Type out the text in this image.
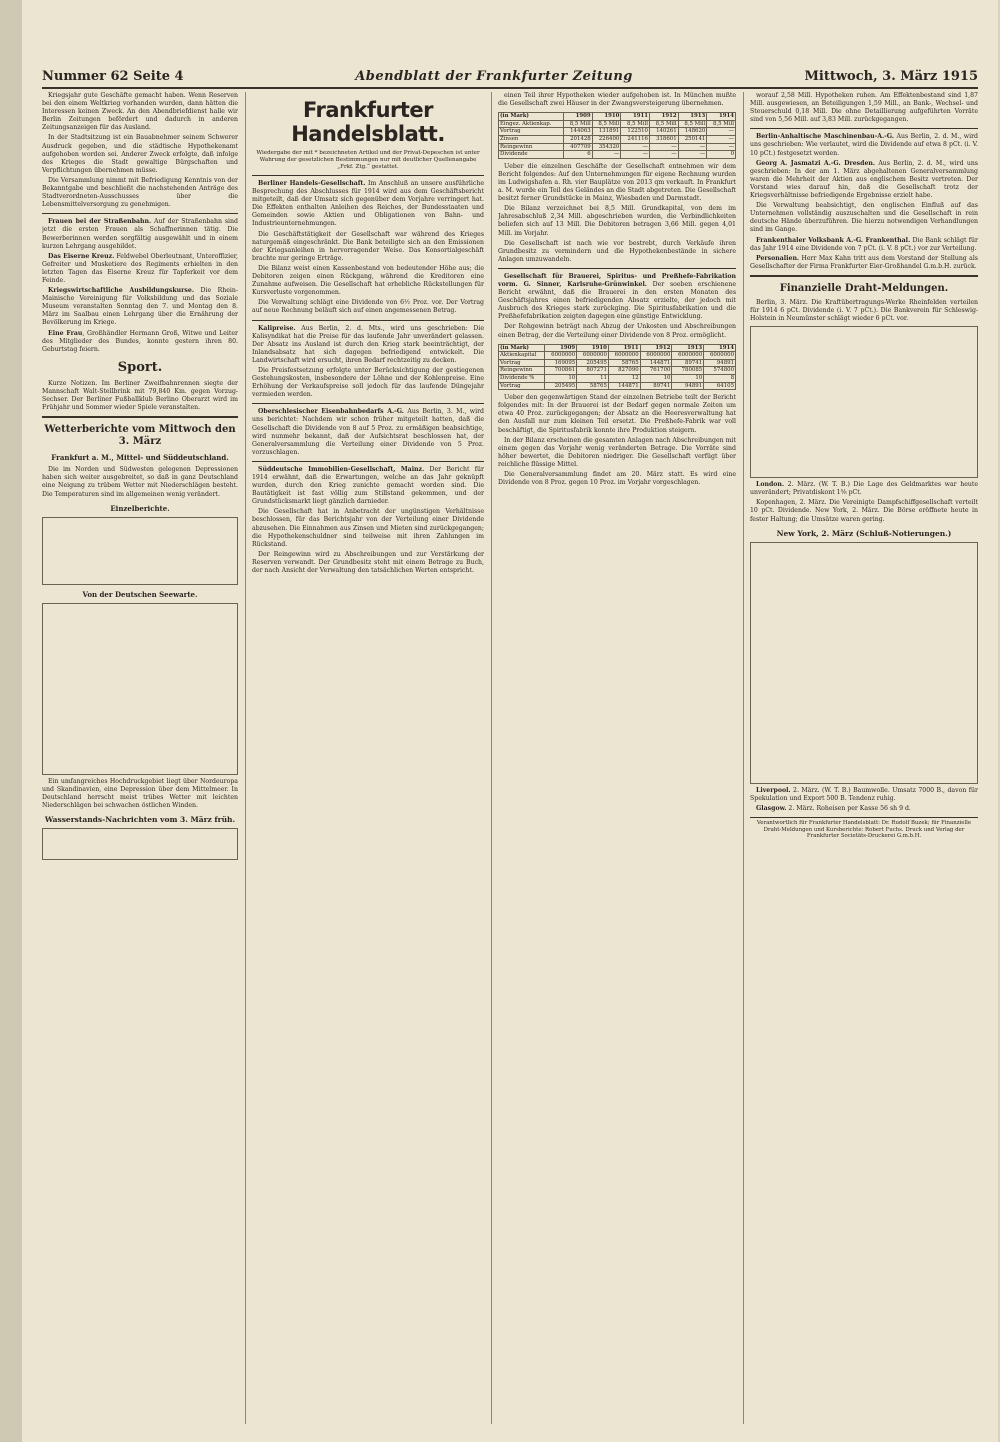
Nummer 62 Seite 4	Abendblatt der Frankfurter Zeitung	Mittwoch, 3. März 1915

Kriegsjahr gute Geschäfte gemacht haben. Wenn Reserven bei den einem Weltkrieg vorhanden wurden, dann hätten die Interessen keinen Zweck. An den Abendbriefdienst halle wir Berlin Zeitungen befördert und dadurch in anderen Zeitungsanzeigen für das Ausland.

In der Stadtsitzung ist ein Bauabnehmer seinem Schwerer Ausdruck gegeben, und die städtische Hypothekenamt aufgehoben worden sei. Anderer Zweck erfolgte, daß infolge des Krieges die Stadt gewaltige Bürgschaften und Verpflichtungen übernehmen müsse.

Die Versammlung nimmt mit Befriedigung Kenntnis von der Bekanntgabe und beschließt die nachstehenden Anträge des Stadtverordneten-Ausschusses über die Lebensmittelversorgung zu genehmigen.

Frauen bei der Straßenbahn. Auf der Straßenbahn sind jetzt die ersten Frauen als Schaffnerinnen tätig. Die Bewerberinnen werden sorgfältig ausgewählt und in einem kurzen Lehrgang ausgebildet.

Das Eiserne Kreuz. Feldwebel Oberleutnant, Unteroffizier, Gefreiter und Musketiere des Regiments erhielten in den letzten Tagen das Eiserne Kreuz für Tapferkeit vor dem Feinde.

Kriegswirtschaftliche Ausbildungskurse. Die Rhein-Mainische Vereinigung für Volksbildung und das Soziale Museum veranstalten Sonntag den 7. und Montag den 8. März im Saalbau einen Lehrgang über die Ernährung der Bevölkerung im Kriege.

Eine Frau, Großhändler Hermann Groß, Witwe und Leiter des Mitglieder des Bundes, konnte gestern ihren 80. Geburtstag feiern.

Sport.

Kurze Notizen. Im Berliner Zweifbahnrennen siegte der Mannschaft Walt-Stellbrink mit 79,840 Km. gegen Vorzug-Sechser. Der Berliner Fußballklub Berlino Oberarzt wird im Frühjahr und Sommer wieder Spiele veranstalten.

Wetterberichte vom Mittwoch den 3. März
Frankfurt a. M., Mittel- und Süddeutschland.

Die im Norden und Südwesten gelegenen Depressionen haben sich weiter ausgebreitet, so daß in ganz Deutschland eine Neigung zu trübem Wetter mit Niederschlägen besteht. Die Temperaturen sind im allgemeinen wenig verändert.

Einzelberichte.
Von der Deutschen Seewarte.

Ein umfangreiches Hochdruckgebiet liegt über Nordeuropa und Skandinavien, eine Depression über dem Mittelmeer. In Deutschland herrscht meist trübes Wetter mit leichten Niederschlägen bei schwachen östlichen Winden.

Wasserstands-Nachrichten vom 3. März früh.
Frankfurter Handelsblatt.
Wiedergabe der mit * bezeichneten Artikel und der Privat-Depeschen ist unter Wahrung der gesetzlichen Bestimmungen nur mit deutlicher Quellenangabe „Frkf. Ztg.“ gestattet.

Berliner Handels-Gesellschaft. Im Anschluß an unsere ausführliche Besprechung des Abschlusses für 1914 wird aus dem Geschäftsbericht mitgeteilt, daß der Umsatz sich gegenüber dem Vorjahre verringert hat. Die Effekten enthalten Anleihen des Reiches, der Bundesstaaten und Gemeinden sowie Aktien und Obligationen von Bahn- und Industrieunternehmungen.

Die Geschäftstätigkeit der Gesellschaft war während des Krieges naturgemäß eingeschränkt. Die Bank beteiligte sich an den Emissionen der Kriegsanleihen in hervorragender Weise. Das Konsortialgeschäft brachte nur geringe Erträge.

Die Bilanz weist einen Kassenbestand von bedeutender Höhe aus; die Debitoren zeigen einen Rückgang, während die Kreditoren eine Zunahme aufweisen. Die Gesellschaft hat erhebliche Rückstellungen für Kursverluste vorgenommen.

Die Verwaltung schlägt eine Dividende von 6½ Proz. vor. Der Vortrag auf neue Rechnung beläuft sich auf einen angemessenen Betrag.

Kalipreise. Aus Berlin, 2. d. Mts., wird uns geschrieben: Die Kalisyndikat hat die Preise für das laufende Jahr unverändert gelassen. Der Absatz ins Ausland ist durch den Krieg stark beeinträchtigt, der Inlandsabsatz hat sich dagegen befriedigend entwickelt. Die Landwirtschaft wird ersucht, ihren Bedarf rechtzeitig zu decken.

Die Preisfestsetzung erfolgte unter Berücksichtigung der gestiegenen Gestehungskosten, insbesondere der Löhne und der Kohlenpreise. Eine Erhöhung der Verkaufspreise soll jedoch für das laufende Düngejahr vermieden werden.

Oberschlesischer Eisenbahnbedarfs A.-G. Aus Berlin, 3. M., wird uns berichtet: Nachdem wir schon früher mitgeteilt hatten, daß die Gesellschaft die Dividende von 8 auf 5 Proz. zu ermäßigen beabsichtige, wird nunmehr bekannt, daß der Aufsichtsrat beschlossen hat, der Generalversammlung die Verteilung einer Dividende von 5 Proz. vorzuschlagen.

Süddeutsche Immobilien-Gesellschaft, Mainz. Der Bericht für 1914 erwähnt, daß die Erwartungen, welche an das Jahr geknüpft wurden, durch den Krieg zunichte gemacht worden sind. Die Bautätigkeit ist fast völlig zum Stillstand gekommen, und der Grundstücksmarkt liegt gänzlich darnieder.

Die Gesellschaft hat in Anbetracht der ungünstigen Verhältnisse beschlossen, für das Berichtsjahr von der Verteilung einer Dividende abzusehen. Die Einnahmen aus Zinsen und Mieten sind zurückgegangen; die Hypothekenschuldner sind teilweise mit ihren Zahlungen im Rückstand.

Der Reingewinn wird zu Abschreibungen und zur Verstärkung der Reserven verwandt. Der Grundbesitz steht mit einem Betrage zu Buch, der nach Ansicht der Verwaltung den tatsächlichen Werten entspricht.

einen Teil ihrer Hypotheken wieder aufgehoben ist. In München mußte die Gesellschaft zwei Häuser in der Zwangsversteigerung übernehmen.

(in Mark)	1909	1910	1911	1912	1913	1914
Eingez. Aktienkap.	8,5 Mill	8,5 Mill	8,5 Mill	8,5 Mill	8,5 Mill	8,5 Mill
Vortrag	144063	131891	122510	140261	148620	—
Zinsen	201428	226400	241116	318601	250141	—
Reingewinn	407709	354320	—	—	—	—
Dividende	6	—	—	—	—	0

Ueber die einzelnen Geschäfte der Gesellschaft entnehmen wir dem Bericht folgendes: Auf den Unternehmungen für eigene Rechnung wurden im Ludwigshafen a. Rh. vier Bauplätze von 2013 qm verkauft. In Frankfurt a. M. wurde ein Teil des Geländes an die Stadt abgetreten. Die Gesellschaft besitzt ferner Grundstücke in Mainz, Wiesbaden und Darmstadt.

Die Bilanz verzeichnet bei 8,5 Mill. Grundkapital, von dem im Jahresabschluß 2,34 Mill. abgeschrieben wurden, die Verbindlichkeiten beliefen sich auf 13 Mill. Die Debitoren betragen 3,66 Mill. gegen 4,01 Mill. im Vorjahr.

Die Gesellschaft ist nach wie vor bestrebt, durch Verkäufe ihren Grundbesitz zu vermindern und die Hypothekenbestände in sichere Anlagen umzuwandeln.

Gesellschaft für Brauerei, Spiritus- und Preßhefe-Fabrikation vorm. G. Sinner, Karlsruhe-Grünwinkel. Der soeben erschienene Bericht erwähnt, daß die Brauerei in den ersten Monaten des Geschäftsjahres einen befriedigenden Absatz erzielte, der jedoch mit Ausbruch des Krieges stark zurückging. Die Spiritusfabrikation und die Preßhefefabrikation zeigten dagegen eine günstige Entwicklung.

Der Rohgewinn beträgt nach Abzug der Unkosten und Abschreibungen einen Betrag, der die Verteilung einer Dividende von 8 Proz. ermöglicht.

(in Mark)	1909	1910	1911	1912	1913	1914
Aktienkapital	6000000	6000000	6000000	6000000	6000000	6000000
Vortrag	169095	205495	58765	144871	89741	94891
Reingewinn	700861	807271	827090	761700	780085	574800
Dividende %	10	11	12	10	10	8
Vortrag	205495	58765	144871	89741	94891	64105

Ueber den gegenwärtigen Stand der einzelnen Betriebe teilt der Bericht folgendes mit: In der Brauerei ist der Bedarf gegen normale Zeiten um etwa 40 Proz. zurückgegangen; der Absatz an die Heeresverwaltung hat den Ausfall nur zum kleinen Teil ersetzt. Die Preßhefe-Fabrik war voll beschäftigt, die Spiritusfabrik konnte ihre Produktion steigern.

In der Bilanz erscheinen die gesamten Anlagen nach Abschreibungen mit einem gegen das Vorjahr wenig veränderten Betrage. Die Vorräte sind höher bewertet, die Debitoren niedriger. Die Gesellschaft verfügt über reichliche flüssige Mittel.

Die Generalversammlung findet am 20. März statt. Es wird eine Dividende von 8 Proz. gegen 10 Proz. im Vorjahr vorgeschlagen.

worauf 2,58 Mill. Hypotheken ruhen. Am Effektenbestand sind 1,87 Mill. ausgewiesen, an Beteiligungen 1,59 Mill., an Bank-, Wechsel- und Steuerschuld 0,18 Mill. Die ohne Detaillierung aufgeführten Vorräte sind von 5,56 Mill. auf 3,83 Mill. zurückgegangen.

Berlin-Anhaltische Maschinenbau-A.-G. Aus Berlin, 2. d. M., wird uns geschrieben: Wie verlautet, wird die Dividende auf etwa 8 pCt. (i. V. 10 pCt.) festgesetzt werden.

Georg A. Jasmatzi A.-G. Dresden. Aus Berlin, 2. d. M., wird uns geschrieben: In der am 1. März abgehaltenen Generalversammlung waren die Mehrheit der Aktien aus englischem Besitz vertreten. Der Vorstand wies darauf hin, daß die Gesellschaft trotz der Kriegsverhältnisse befriedigende Ergebnisse erzielt habe.

Die Verwaltung beabsichtigt, den englischen Einfluß auf das Unternehmen vollständig auszuschalten und die Gesellschaft in rein deutsche Hände überzuführen. Die hierzu notwendigen Verhandlungen sind im Gange.

Frankenthaler Volksbank A.-G. Frankenthal. Die Bank schlägt für das Jahr 1914 eine Dividende von 7 pCt. (i. V. 8 pCt.) vor zur Verteilung.

Personalien. Herr Max Kahn tritt aus dem Vorstand der Stellung als Gesellschafter der Firma Frankfurter Eier-Großhandel G.m.b.H. zurück.

Finanzielle Draht-Meldungen.

Berlin, 3. März. Die Kraftübertragungs-Werke Rheinfelden verteilen für 1914 6 pCt. Dividende (i. V. 7 pCt.). Die Bankverein für Schleswig-Holstein in Neumünster schlägt wieder 6 pCt. vor.

London. 2. März. (W. T. B.) Die Lage des Geldmarktes war heute unverändert; Privatdiskont 1⅝ pCt.

Kopenhagen, 2. März. Die Vereinigte Dampfschiffgesellschaft verteilt 10 pCt. Dividende. New York, 2. März. Die Börse eröffnete heute in fester Haltung; die Umsätze waren gering.

New York, 2. März (Schluß-Notierungen.)

Liverpool. 2. März. (W. T. B.) Baumwolle. Umsatz 7000 B., davon für Spekulation und Export 500 B. Tendenz ruhig.

Glasgow. 2. März. Roheisen per Kasse 56 sh 9 d.

Verantwortlich für Frankfurter Handelsblatt: Dr. Rudolf Buzek; für Finanzielle Draht-Meldungen und Kursberichte: Robert Fuchs. Druck und Verlag der Frankfurter Societäts-Druckerei G.m.b.H.
